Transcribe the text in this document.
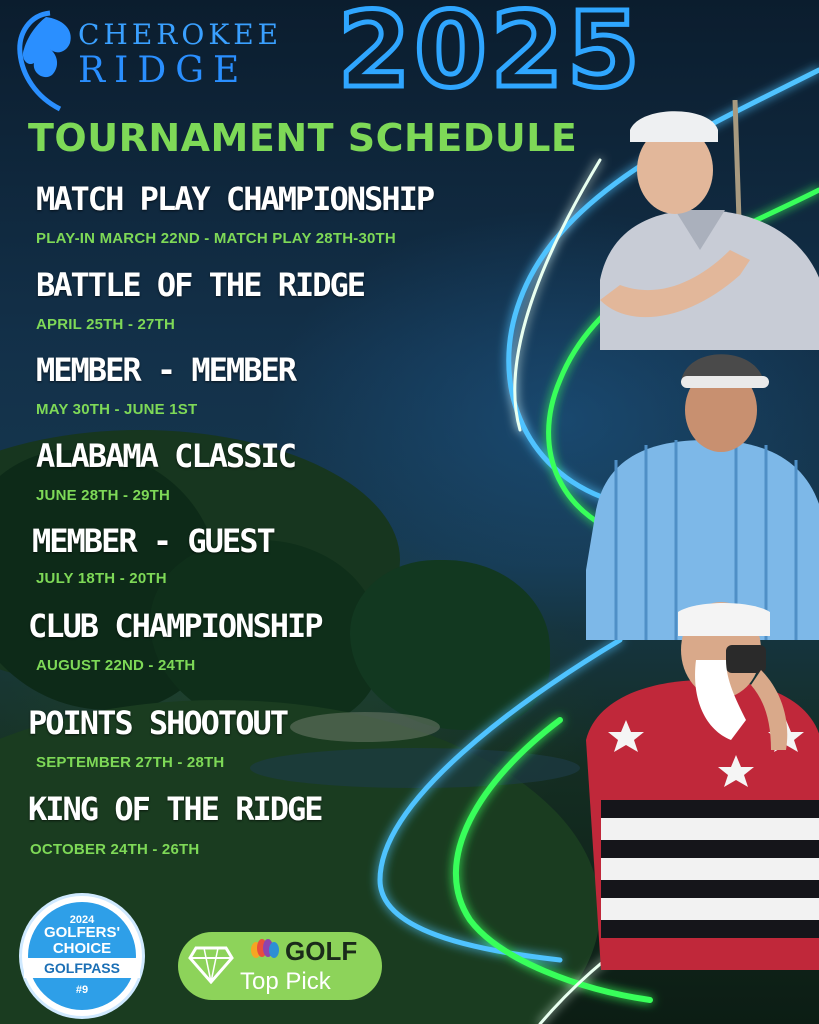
CHEROKEE
RIDGE 2025
TOURNAMENT SCHEDULE
MATCH PLAY CHAMPIONSHIP
PLAY-IN MARCH 22ND - MATCH PLAY 28TH-30TH
BATTLE OF THE RIDGE
APRIL 25TH - 27TH
MEMBER - MEMBER
MAY 30TH - JUNE 1ST
ALABAMA CLASSIC
JUNE 28TH - 29TH
MEMBER - GUEST
JULY 18TH - 20TH
CLUB CHAMPIONSHIP
AUGUST 22ND - 24TH
POINTS SHOOTOUT
SEPTEMBER 27TH - 28TH
KING OF THE RIDGE
OCTOBER 24TH - 26TH
2024
GOLFERS'
CHOICE
GOLFPASS
#9
GOLF
Top Pick
